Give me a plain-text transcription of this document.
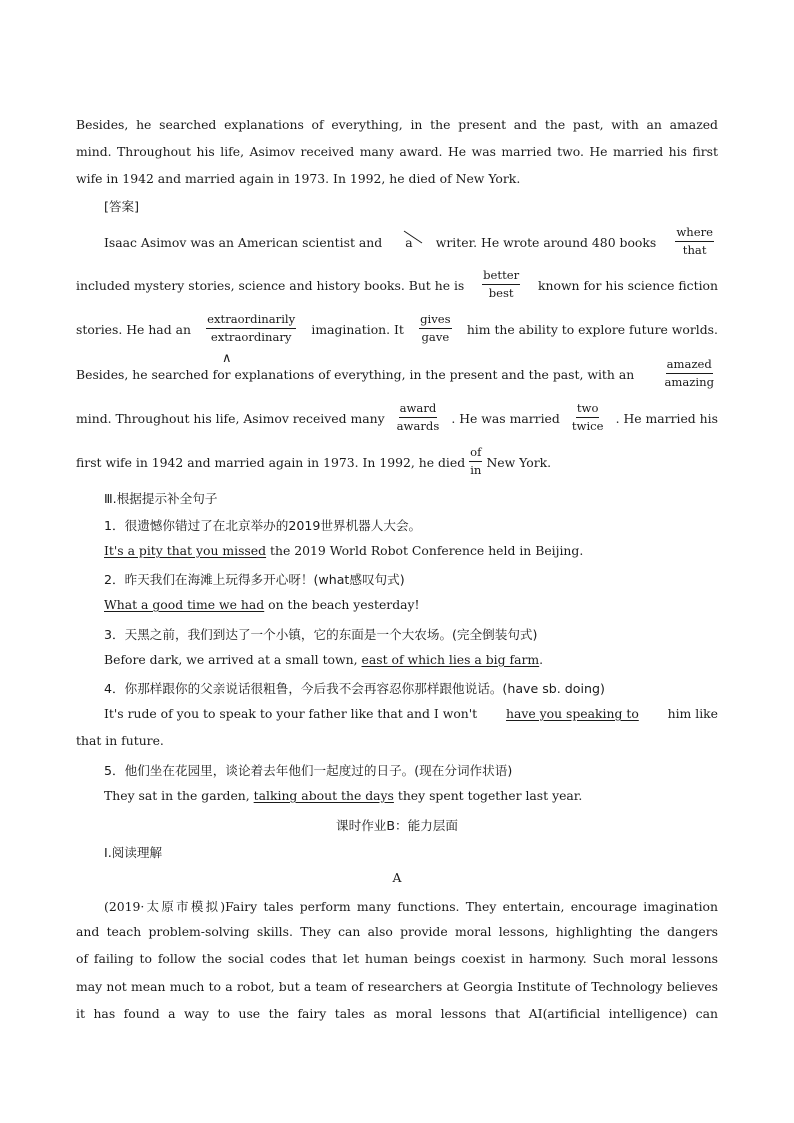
Besides, he searched explanations of everything, in the present and the past, with an amazed
mind. Throughout his life, Asimov received many award. He was married two. He married his first
wife in 1942 and married again in 1973. In 1992, he died of New York.
[答案]
Isaac Asimov was an American scientist and a writer. He wrote around 480 books $\frac{\text{where}}{\text{that}}$
included mystery stories, science and history books. But he is $\frac{\text{better}}{\text{best}}$ known for his science fiction
stories. He had an $\frac{\text{extraordinarily}}{\text{extraordinary}}$ imagination. It $\frac{\text{gives}}{\text{gave}}$ him the ability to explore future worlds.
∧
Besides, he searched for explanations of everything, in the present and the past, with an	$\frac{\text{amazed}}{\text{amazing}}$
mind. Throughout his life, Asimov received many $\frac{\text{award}}{\text{awards}}$ . He was married $\frac{\text{two}}{\text{twice}}$ . He married his
first wife in 1942 and married again in 1973. In 1992, he died $\frac{of}{in}$ New York.
Ⅲ.根据提示补全句子
1．很遗憾你错过了在北京举办的2019世界机器人大会。
It's a pity that you missed the 2019 World Robot Conference held in Beijing.
2．昨天我们在海滩上玩得多开心呀！(what感叹句式)
What a good time we had on the beach yesterday!
3．天黑之前，我们到达了一个小镇，它的东面是一个大农场。(完全倒装句式)
Before dark, we arrived at a small town, east of which lies a big farm.
4．你那样跟你的父亲说话很粗鲁，今后我不会再容忍你那样跟他说话。(have sb. doing)
It's rude of you to speak to your father like that and I won't have you speaking to him like
that in future.
5．他们坐在花园里，谈论着去年他们一起度过的日子。(现在分词作状语)
They sat in the garden, talking about the days they spent together last year.
课时作业B：能力层面
Ⅰ.阅读理解
A
(2019·太原市模拟)Fairy tales perform many functions. They entertain, encourage imagination
and teach problem-solving skills. They can also provide moral lessons, highlighting the dangers
of failing to follow the social codes that let human beings coexist in harmony. Such moral lessons
may not mean much to a robot, but a team of researchers at Georgia Institute of Technology believes
it has found a way to use the fairy tales as moral lessons that AI(artificial intelligence) can
